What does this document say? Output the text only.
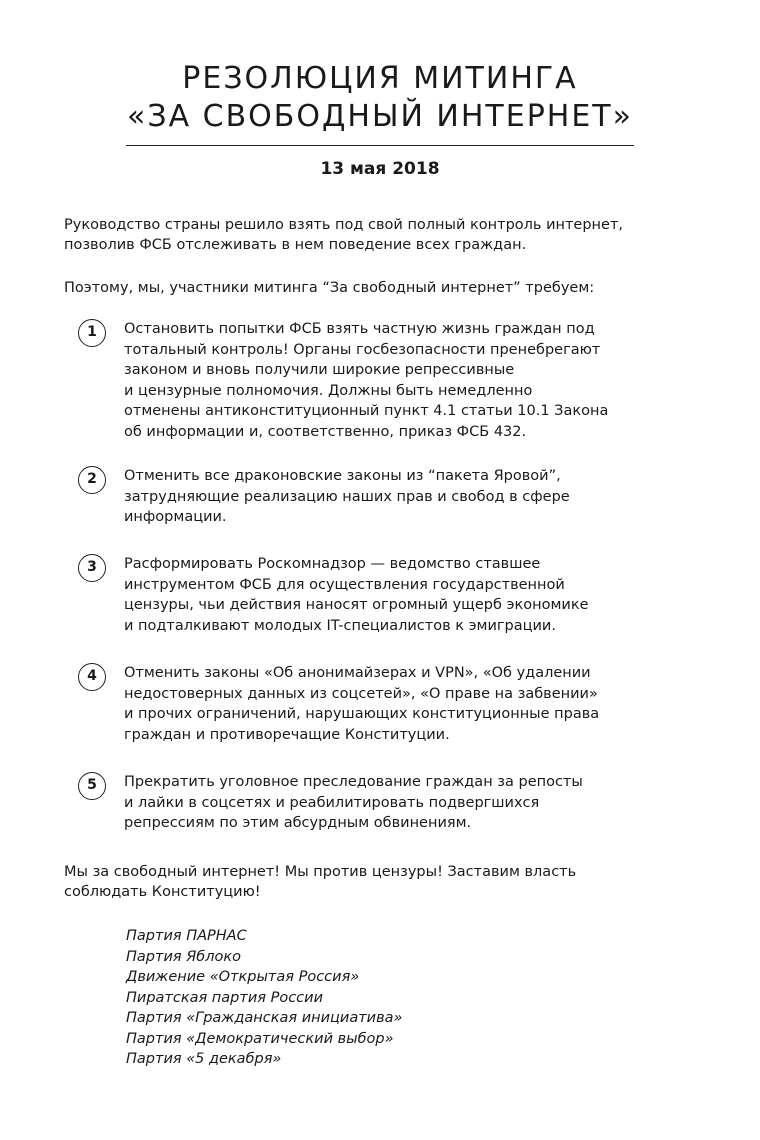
РЕЗОЛЮЦИЯ МИТИНГА
«ЗА СВОБОДНЫЙ ИНТЕРНЕТ»
13 мая 2018

Руководство страны решило взять под свой полный контроль интернет,
позволив ФСБ отслеживать в нем поведение всех граждан.

Поэтому, мы, участники митинга “За свободный интернет” требуем:

1	Остановить попытки ФСБ взять частную жизнь граждан под
тотальный контроль! Органы госбезопасности пренебрегают
законом и вновь получили широкие репрессивные
и цензурные полномочия. Должны быть немедленно
отменены антиконституционный пункт 4.1 статьи 10.1 Закона
об информации и, соответственно, приказ ФСБ 432.

2	Отменить все драконовские законы из “пакета Яровой”,
затрудняющие реализацию наших прав и свобод в сфере
информации.

3	Расформировать Роскомнадзор — ведомство ставшее
инструментом ФСБ для осуществления государственной
цензуры, чьи действия наносят огромный ущерб экономике
и подталкивают молодых IT-специалистов к эмиграции.

4	Отменить законы «Об анонимайзерах и VPN», «Об удалении
недостоверных данных из соцсетей», «О праве на забвении»
и прочих ограничений, нарушающих конституционные права
граждан и противоречащие Конституции.

5	Прекратить уголовное преследование граждан за репосты
и лайки в соцсетях и реабилитировать подвергшихся
репрессиям по этим абсурдным обвинениям.

Мы за свободный интернет! Мы против цензуры! Заставим власть
соблюдать Конституцию!

Партия ПАРНАС
Партия Яблоко
Движение «Открытая Россия»
Пиратская партия России
Партия «Гражданская инициатива»
Партия «Демократический выбор»
Партия «5 декабря»
